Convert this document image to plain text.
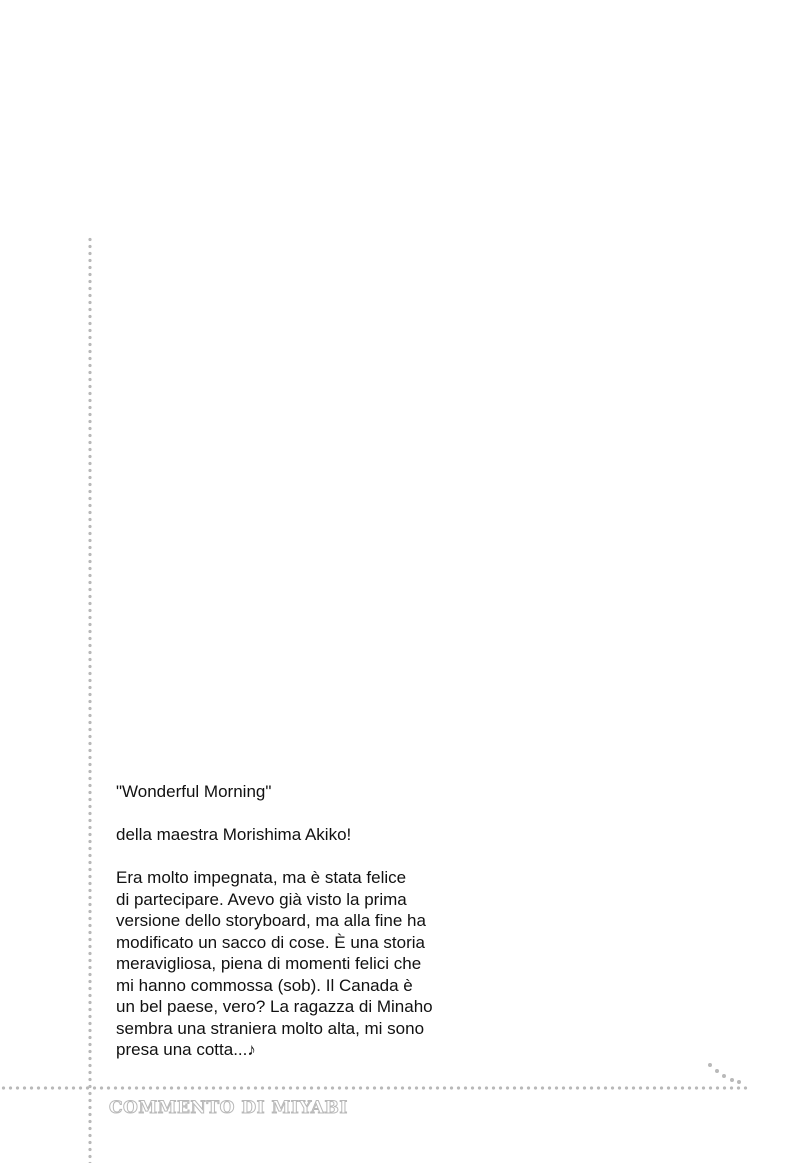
"Wonderful Morning"

della maestra Morishima Akiko!

Era molto impegnata, ma è stata felice

di partecipare. Avevo già visto la prima

versione dello storyboard, ma alla fine ha

modificato un sacco di cose. È una storia

meravigliosa, piena di momenti felici che

mi hanno commossa (sob). Il Canada è

un bel paese, vero? La ragazza di Minaho

sembra una straniera molto alta, mi sono

presa una cotta...♪

COMMENTO DI MIYABI
